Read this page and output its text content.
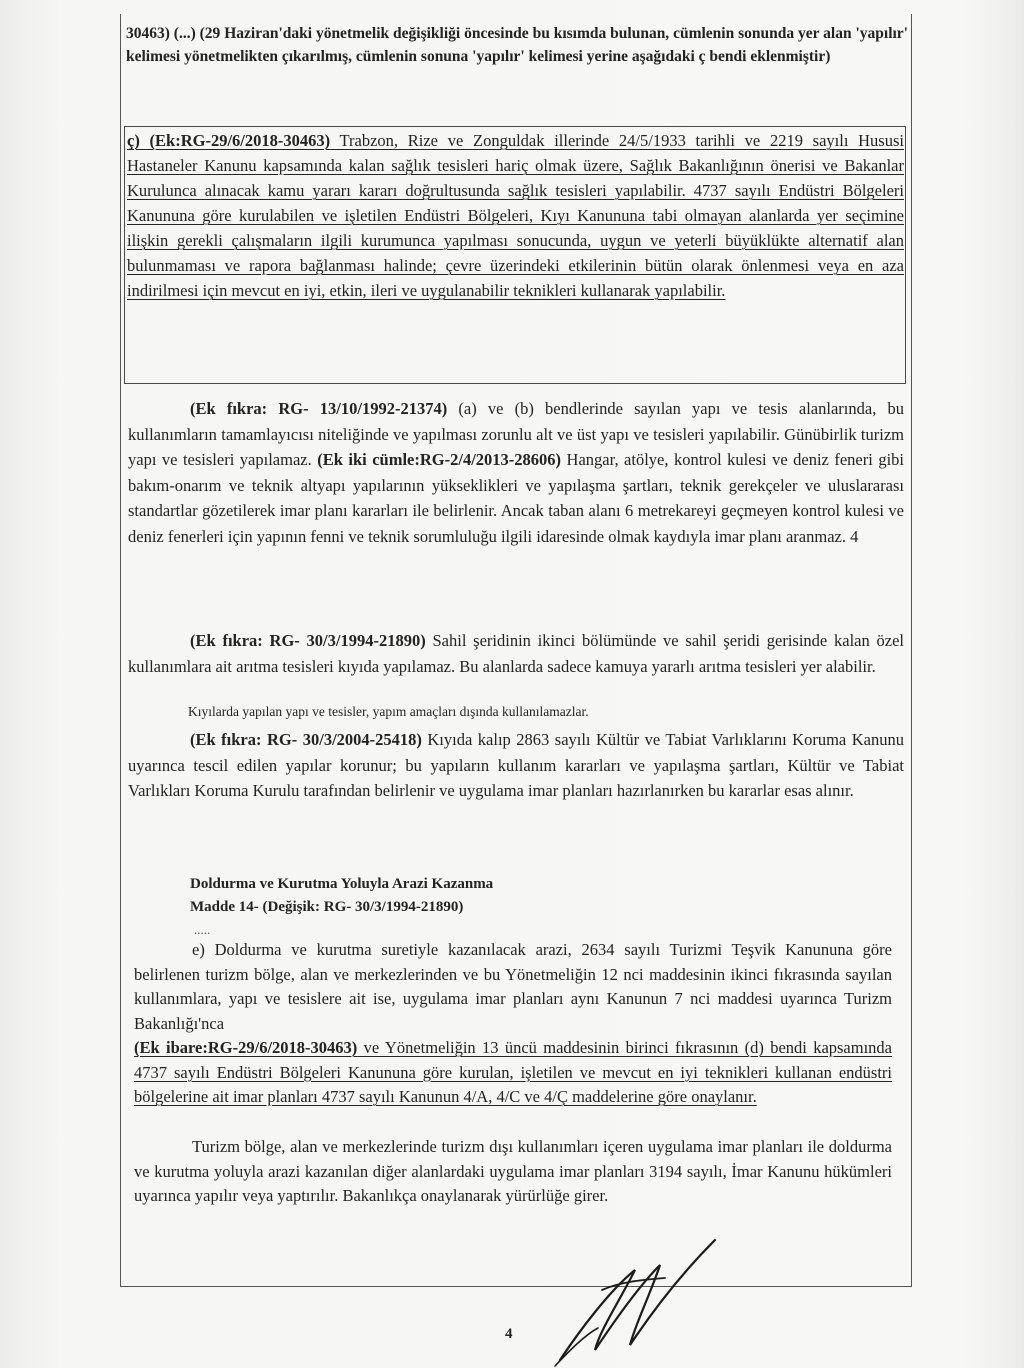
30463) (...) (29 Haziran'daki yönetmelik değişikliği öncesinde bu kısımda bulunan, cümlenin sonunda yer alan 'yapılır' kelimesi yönetmelikten çıkarılmış, cümlenin sonuna 'yapılır' kelimesi yerine aşağıdaki ç bendi eklenmiştir)

ç) (Ek:RG-29/6/2018-30463) Trabzon, Rize ve Zonguldak illerinde 24/5/1933 tarihli ve 2219 sayılı Hususi Hastaneler Kanunu kapsamında kalan sağlık tesisleri hariç olmak üzere, Sağlık Bakanlığının önerisi ve Bakanlar Kurulunca alınacak kamu yararı kararı doğrultusunda sağlık tesisleri yapılabilir. 4737 sayılı Endüstri Bölgeleri Kanununa göre kurulabilen ve işletilen Endüstri Bölgeleri, Kıyı Kanununa tabi olmayan alanlarda yer seçimine ilişkin gerekli çalışmaların ilgili kurumunca yapılması sonucunda, uygun ve yeterli büyüklükte alternatif alan bulunmaması ve rapora bağlanması halinde; çevre üzerindeki etkilerinin bütün olarak önlenmesi veya en aza indirilmesi için mevcut en iyi, etkin, ileri ve uygulanabilir teknikleri kullanarak yapılabilir.

(Ek fıkra: RG- 13/10/1992-21374) (a) ve (b) bendlerinde sayılan yapı ve tesis alanlarında, bu kullanımların tamamlayıcısı niteliğinde ve yapılması zorunlu alt ve üst yapı ve tesisleri yapılabilir. Günübirlik turizm yapı ve tesisleri yapılamaz. (Ek iki cümle:RG-2/4/2013-28606) Hangar, atölye, kontrol kulesi ve deniz feneri gibi bakım-onarım ve teknik altyapı yapılarının yükseklikleri ve yapılaşma şartları, teknik gerekçeler ve uluslararası standartlar gözetilerek imar planı kararları ile belirlenir. Ancak taban alanı 6 metrekareyi geçmeyen kontrol kulesi ve deniz fenerleri için yapının fenni ve teknik sorumluluğu ilgili idaresinde olmak kaydıyla imar planı aranmaz. 4

(Ek fıkra: RG- 30/3/1994-21890) Sahil şeridinin ikinci bölümünde ve sahil şeridi gerisinde kalan özel kullanımlara ait arıtma tesisleri kıyıda yapılamaz. Bu alanlarda sadece kamuya yararlı arıtma tesisleri yer alabilir.

Kıyılarda yapılan yapı ve tesisler, yapım amaçları dışında kullanılamazlar.

(Ek fıkra: RG- 30/3/2004-25418) Kıyıda kalıp 2863 sayılı Kültür ve Tabiat Varlıklarını Koruma Kanunu uyarınca tescil edilen yapılar korunur; bu yapıların kullanım kararları ve yapılaşma şartları, Kültür ve Tabiat Varlıkları Koruma Kurulu tarafından belirlenir ve uygulama imar planları hazırlanırken bu kararlar esas alınır.

Doldurma ve Kurutma Yoluyla Arazi Kazanma

Madde 14- (Değişik: RG- 30/3/1994-21890)

.....

e) Doldurma ve kurutma suretiyle kazanılacak arazi, 2634 sayılı Turizmi Teşvik Kanununa göre belirlenen turizm bölge, alan ve merkezlerinden ve bu Yönetmeliğin 12 nci maddesinin ikinci fıkrasında sayılan kullanımlara, yapı ve tesislere ait ise, uygulama imar planları aynı Kanunun 7 nci maddesi uyarınca Turizm Bakanlığı'nca

(Ek ibare:RG-29/6/2018-30463) ve Yönetmeliğin 13 üncü maddesinin birinci fıkrasının (d) bendi kapsamında 4737 sayılı Endüstri Bölgeleri Kanununa göre kurulan, işletilen ve mevcut en iyi teknikleri kullanan endüstri bölgelerine ait imar planları 4737 sayılı Kanunun 4/A, 4/C ve 4/Ç maddelerine göre onaylanır.

Turizm bölge, alan ve merkezlerinde turizm dışı kullanımları içeren uygulama imar planları ile doldurma ve kurutma yoluyla arazi kazanılan diğer alanlardaki uygulama imar planları 3194 sayılı, İmar Kanunu hükümleri uyarınca yapılır veya yaptırılır. Bakanlıkça onaylanarak yürürlüğe girer.

4
